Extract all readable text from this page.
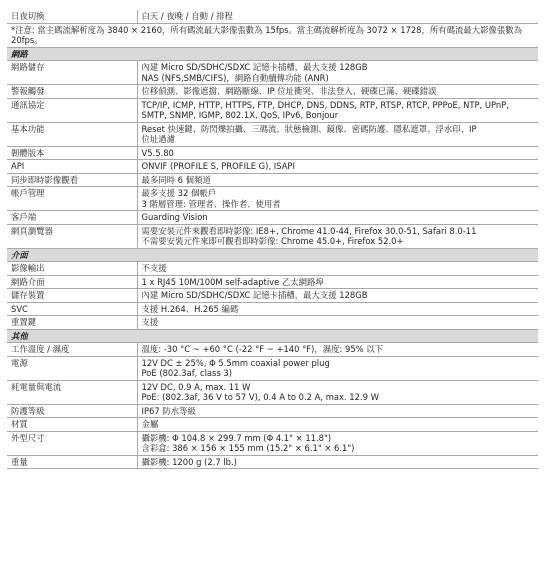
日夜切換	白天 / 夜晚 / 自動 / 排程

*注意: 當主碼流解析度為 3840 × 2160，所有碼流最大影像張數為 15fps。當主碼流解析度為 3072 × 1728，所有碼流最大影像張數為 20fps。	
網路	
網路儲存	內建 Micro SD/SDHC/SDXC 記憶卡插槽，最大支援 128GB
NAS (NFS,SMB/CIFS)，網路自動續傳功能 (ANR)

警報觸發	位移偵測、影像遮擋、網路斷線、IP 位址衝突、非法登入、硬碟已滿、硬碟錯誤

通訊協定	TCP/IP, ICMP, HTTP, HTTPS, FTP, DHCP, DNS, DDNS, RTP, RTSP, RTCP, PPPoE, NTP, UPnP,
SMTP, SNMP, IGMP, 802.1X, QoS, IPv6, Bonjour

基本功能	Reset 快速鍵、防閃爍拍攝、三碼流、狀態檢測、鏡像、密碼防護、隱私遮罩、浮水印、IP
位址過濾

韌體版本	V5.5.80

API	ONVIF (PROFILE S, PROFILE G), ISAPI

同步即時影像觀看	最多同時 6 個頻道

帳戶管理	最多支援 32 個帳戶
3 階層管理: 管理者、操作者、使用者

客戶端	Guarding Vision

網頁瀏覽器	需要安裝元件來觀看即時影像: IE8+, Chrome 41.0-44, Firefox 30.0-51, Safari 8.0-11
不需要安裝元件來即可觀看即時影像: Chrome 45.0+, Firefox 52.0+

介面	
影像輸出	不支援

網路介面	1 x RJ45 10M/100M self-adaptive 乙太網路埠

儲存裝置	內建 Micro SD/SDHC/SDXC 記憶卡插槽，最大支援 128GB

SVC	支援 H.264、H.265 編碼

重置鍵	支援

其他	
工作溫度 / 濕度	溫度: -30 °C ~ +60 °C (-22 °F ~ +140 °F)，濕度: 95% 以下

電源	12V DC ± 25%, Φ 5.5mm coaxial power plug
PoE (802.3af, class 3)

耗電量與電流	12V DC, 0.9 A, max. 11 W
PoE: (802.3af, 36 V to 57 V), 0.4 A to 0.2 A, max. 12.9 W

防護等級	IP67 防水等級

材質	金屬

外型尺寸	攝影機: Φ 104.8 × 299.7 mm (Φ 4.1" × 11.8")
含彩盒: 386 × 156 × 155 mm (15.2" × 6.1" × 6.1")

重量	攝影機: 1200 g (2.7 lb.)
